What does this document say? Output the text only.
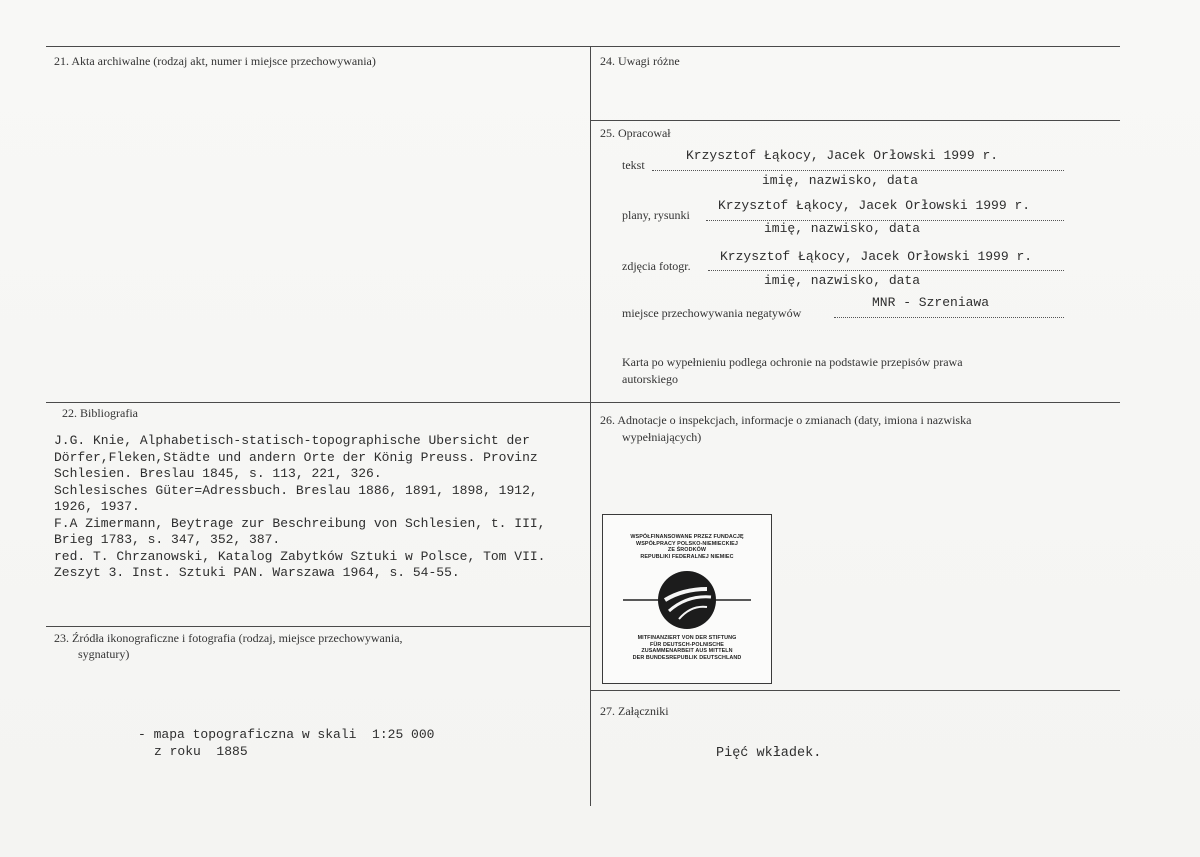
21. Akta archiwalne (rodzaj akt, numer i miejsce przechowywania)
22. Bibliografia
J.G. Knie, Alphabetisch-statisch-topographische Ubersicht der
Dörfer,Fleken,Städte und andern Orte der König Preuss. Provinz
Schlesien. Breslau 1845, s. 113, 221, 326.
Schlesisches Güter=Adressbuch. Breslau 1886, 1891, 1898, 1912,
1926, 1937.
F.A Zimermann, Beytrage zur Beschreibung von Schlesien, t. III,
Brieg 1783, s. 347, 352, 387.
red. T. Chrzanowski, Katalog Zabytków Sztuki w Polsce, Tom VII.
Zeszyt 3. Inst. Sztuki PAN. Warszawa 1964, s. 54-55.
23. Źródła ikonograficzne i fotografia (rodzaj, miejsce przechowywania,
sygnatury)
- mapa topograficzna w skali  1:25 000
z roku  1885
24. Uwagi różne
25. Opracował
tekst
Krzysztof Łąkocy, Jacek Orłowski 1999 r.
imię, nazwisko, data
plany, rysunki
Krzysztof Łąkocy, Jacek Orłowski 1999 r.
imię, nazwisko, data
zdjęcia fotogr.
Krzysztof Łąkocy, Jacek Orłowski 1999 r.
imię, nazwisko, data
miejsce przechowywania negatywów
MNR - Szreniawa
Karta po wypełnieniu podlega ochronie na podstawie przepisów prawa
autorskiego
26. Adnotacje o inspekcjach, informacje o zmianach (daty, imiona i nazwiska
wypełniających)
WSPÓŁFINANSOWANE PRZEZ FUNDACJĘ
WSPÓŁPRACY POLSKO-NIEMIECKIEJ
ZE ŚRODKÓW
REPUBLIKI FEDERALNEJ NIEMIEC
MITFINANZIERT VON DER STIFTUNG
FÜR DEUTSCH-POLNISCHE
ZUSAMMENARBEIT AUS MITTELN
DER BUNDESREPUBLIK DEUTSCHLAND
27. Załączniki
Pięć wkładek.
